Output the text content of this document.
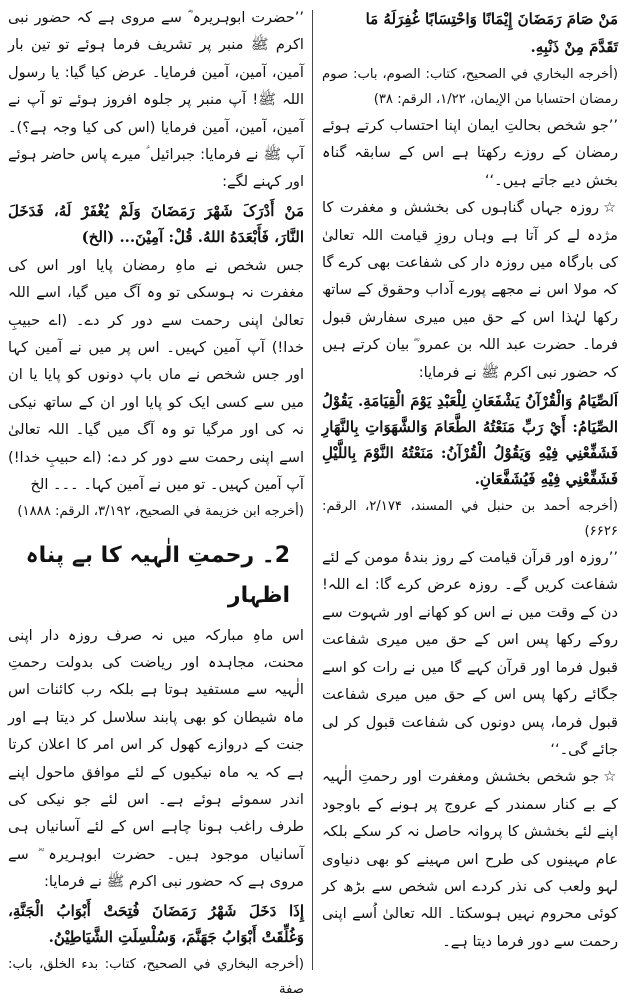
مَنْ صَامَ رَمَضَانَ إِيْمَانًا وَاحْتِسَابًا غُفِرَلَهُ مَا

تَقَدَّمَ مِنْ ذَنْبِهِ.

(أخرجه البخاري في الصحيح، كتاب: الصوم، باب: صوم رمضان احتسابا من الإيمان، ۱/۲۲، الرقم: ۳۸)

’’جو شخص بحالتِ ایمان اپنا احتساب کرتے ہوئے رمضان کے روزے رکھتا ہے اس کے سابقہ گناہ بخش دیے جاتے ہیں۔‘‘

☆روزہ جہاں گناہوں کی بخشش و مغفرت کا مژدہ لے کر آتا ہے وہاں روزِ قیامت اللہ تعالیٰ کی بارگاہ میں روزہ دار کی شفاعت بھی کرے گا کہ مولا اس نے مجھے پورے آداب وحقوق کے ساتھ رکھا لہٰذا اس کے حق میں میری سفارش قبول فرما۔ حضرت عبد اللہ بن عمرو ؓ بیان کرتے ہیں کہ حضور نبی اکرم ﷺ نے فرمایا:

اَلصِّيَامُ وَالْقُرْآنُ يَشْفَعَانِ لِلْعَبْدِ يَوْمَ الْقِيَامَةِ. يَقُوْلُ الصِّيَامُ: أَيْ رَبِّ مَنَعْتُهُ الطَّعَامَ وَالشَّهَوَاتِ بِالنَّهَارِ فَشَفِّعْنِي فِيْهِ وَيَقُوْلُ الْقُرْآنُ: مَنَعْتُهُ النَّوْمَ بِاللَّيْلِ فَشَفِّعْنِي فِيْهِ فَيُشَفَّعَانِ.

(أخرجه أحمد بن حنبل في المسند، ۲/۱۷۴، الرقم: ۶۶۲۶)

’’روزہ اور قرآن قیامت کے روز بندۂ مومن کے لئے شفاعت کریں گے۔ روزہ عرض کرے گا: اے اللہ! دن کے وقت میں نے اس کو کھانے اور شہوت سے روکے رکھا پس اس کے حق میں میری شفاعت قبول فرما اور قرآن کہے گا میں نے رات کو اسے جگائے رکھا پس اس کے حق میں میری شفاعت قبول فرما، پس دونوں کی شفاعت قبول کر لی جائے گی۔‘‘

☆جو شخص بخشش ومغفرت اور رحمتِ الٰہیہ کے بے کنار سمندر کے عروج پر ہونے کے باوجود اپنے لئے بخشش کا پروانہ حاصل نہ کر سکے بلکہ عام مہینوں کی طرح اس مہینے کو بھی دنیاوی لہو ولعب کی نذر کردے اس شخص سے بڑھ کر کوئی محروم نہیں ہوسکتا۔ اللہ تعالیٰ اُسے اپنی رحمت سے دور فرما دیتا ہے۔

’’حضرت ابوہریرہ ؓ سے مروی ہے کہ حضور نبی اکرم ﷺ منبر پر تشریف فرما ہوئے تو تین بار آمین، آمین، آمین فرمایا۔ عرض کیا گیا: یا رسول اللہ ﷺ! آپ منبر پر جلوہ افروز ہوئے تو آپ نے آمین، آمین، آمین فرمایا (اس کی کیا وجہ ہے؟)۔ آپ ﷺ نے فرمایا: جبرائیل ؑ میرے پاس حاضر ہوئے اور کہنے لگے:

مَنْ أَدْرَکَ شَهْرَ رَمَضَانَ وَلَمْ يُغْفَرْ لَهُ، فَدَخَلَ النَّارَ، فَأَبْعَدَهُ اللهُ. قُلْ: آمِيْنَ... (الخ)

جس شخص نے ماہِ رمضان پایا اور اس کی مغفرت نہ ہوسکی تو وہ آگ میں گیا، اسے اللہ تعالیٰ اپنی رحمت سے دور کر دے۔ (اے حبیبِ خدا!) آپ آمین کہیں۔ اس پر میں نے آمین کہا اور جس شخص نے ماں باپ دونوں کو پایا یا ان میں سے کسی ایک کو پایا اور ان کے ساتھ نیکی نہ کی اور مرگیا تو وہ آگ میں گیا۔ اللہ تعالیٰ اسے اپنی رحمت سے دور کر دے: (اے حبیبِ خدا!) آپ آمین کہیں۔ تو میں نے آمین کہا۔ ۔۔۔ الخ

(أخرجه ابن خزيمة في الصحيح، ۳/۱۹۲، الرقم: ۱۸۸۸)

2۔ رحمتِ الٰہیہ کا بے پناہ اظہار

اس ماہِ مبارکہ میں نہ صرف روزہ دار اپنی محنت، مجاہدہ اور ریاضت کی بدولت رحمتِ الٰہیہ سے مستفید ہوتا ہے بلکہ رب کائنات اس ماہ شیطان کو بھی پابند سلاسل کر دیتا ہے اور جنت کے دروازے کھول کر اس امر کا اعلان کرتا ہے کہ یہ ماہ نیکیوں کے لئے موافق ماحول اپنے اندر سموئے ہوئے ہے۔ اس لئے جو نیکی کی طرف راغب ہونا چاہے اس کے لئے آسانیاں ہی آسانیاں موجود ہیں۔ حضرت ابوہریرہ ؓ سے مروی ہے کہ حضور نبی اکرم ﷺ نے فرمایا:

إِذَا دَخَلَ شَهْرُ رَمَضَانَ فُتِحَتْ أَبْوَابُ الْجَنَّةِ، وَغُلِّقَتْ أَبْوَابُ جَهَنَّمَ، وَسُلْسِلَتِ الشَّيَاطِيْنُ.

(أخرجه البخاري في الصحيح، كتاب: بدء الخلق، باب: صفة
